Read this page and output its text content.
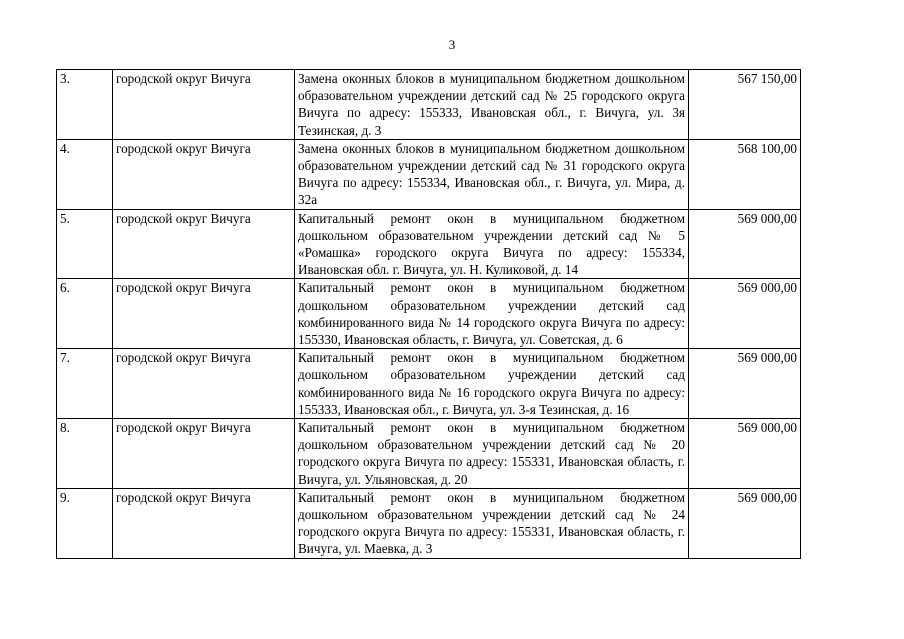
3
3.	городской округ Вичуга	Замена оконных блоков в муниципальном бюджетном дошкольном образовательном учреждении детский сад № 25 городского округа Вичуга по адресу: 155333, Ивановская обл., г. Вичуга, ул. 3я Тезинская, д. 3	567 150,00
4.	городской округ Вичуга	Замена оконных блоков в муниципальном бюджетном дошкольном образовательном учреждении детский сад № 31 городского округа Вичуга по адресу: 155334, Ивановская обл., г. Вичуга, ул. Мира, д. 32а	568 100,00
5.	городской округ Вичуга	Капитальный ремонт окон в муниципальном бюджетном дошкольном образовательном учреждении детский сад № 5 «Ромашка» городского округа Вичуга по адресу: 155334, Ивановская обл. г. Вичуга, ул. Н. Куликовой, д. 14	569 000,00
6.	городской округ Вичуга	Капитальный ремонт окон в муниципальном бюджетном дошкольном образовательном учреждении детский сад комбинированного вида № 14 городского округа Вичуга по адресу: 155330, Ивановская область, г. Вичуга, ул. Советская, д. 6	569 000,00
7.	городской округ Вичуга	Капитальный ремонт окон в муниципальном бюджетном дошкольном образовательном учреждении детский сад комбинированного вида № 16 городского округа Вичуга по адресу: 155333, Ивановская обл., г. Вичуга, ул. 3-я Тезинская, д. 16	569 000,00
8.	городской округ Вичуга	Капитальный ремонт окон в муниципальном бюджетном дошкольном образовательном учреждении детский сад № 20 городского округа Вичуга по адресу: 155331, Ивановская область, г. Вичуга, ул. Ульяновская, д. 20	569 000,00
9.	городской округ Вичуга	Капитальный ремонт окон в муниципальном бюджетном дошкольном образовательном учреждении детский сад № 24 городского округа Вичуга по адресу: 155331, Ивановская область, г. Вичуга, ул. Маевка, д. 3	569 000,00
